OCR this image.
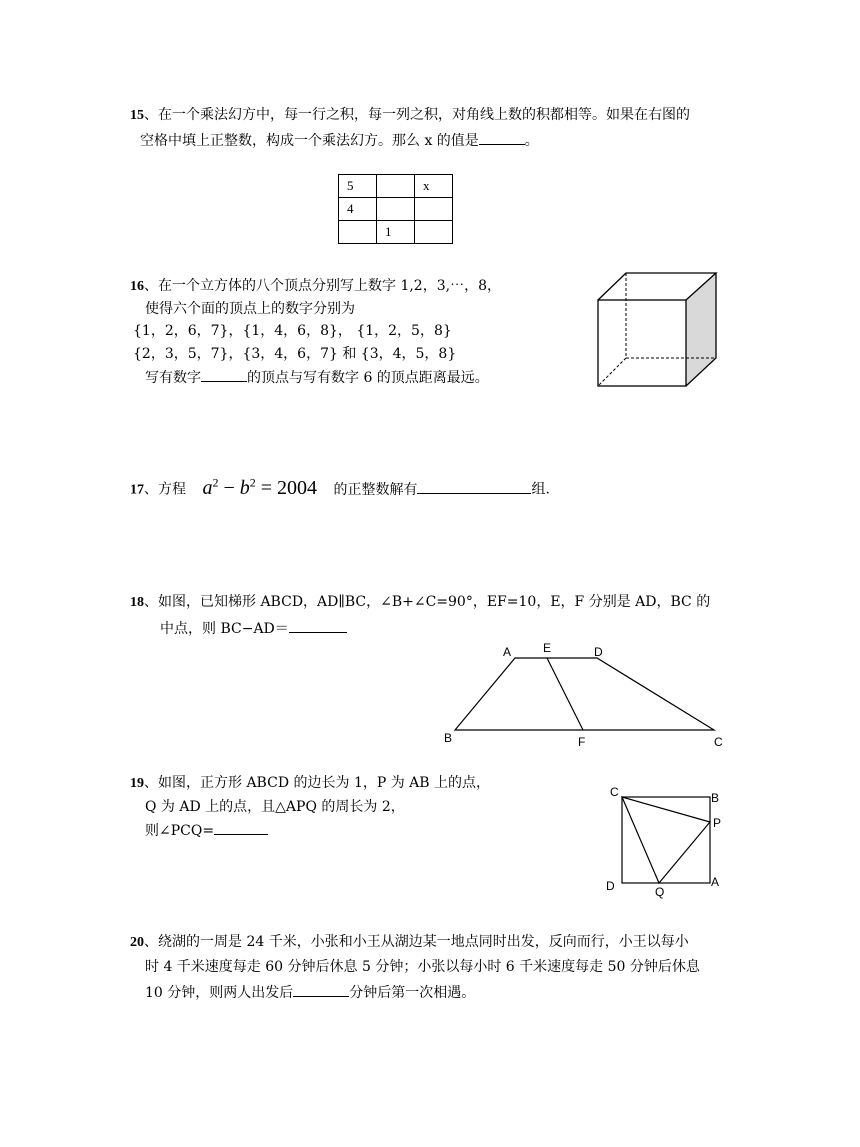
15、在一个乘法幻方中，每一行之积，每一列之积，对角线上数的积都相等。如果在右图的
空格中填上正整数，构成一个乘法幻方。那么 x 的值是	。
5		x
4		
	1	
16、在一个立方体的八个顶点分别写上数字 1,2，3,⋯，8，
使得六个面的顶点上的数字分别为
{1，2，6，7}，{1，4，6，8}， {1，2，5，8}
{2，3，5，7}，{3，4，6，7} 和 {3，4，5，8}
写有数字	的顶点与写有数字 6 的顶点距离最远。
17、方程 $a^2 - b^2 = 2004$ 的正整数解有	组.
18、如图，已知梯形 ABCD，AD∥BC，∠B+∠C=90°，EF=10，E，F 分别是 AD，BC 的
中点，则 BC−AD＝
A	E	D
B	F	C
19、如图，正方形 ABCD 的边长为 1，P 为 AB 上的点，
Q 为 AD 上的点，且△APQ 的周长为 2，
则∠PCQ=
C	B
P
D	Q
A
20、绕湖的一周是 24 千米，小张和小王从湖边某一地点同时出发，反向而行，小王以每小
时 4 千米速度每走 60 分钟后休息 5 分钟；小张以每小时 6 千米速度每走 50 分钟后休息
10 分钟，则两人出发后	分钟后第一次相遇。
